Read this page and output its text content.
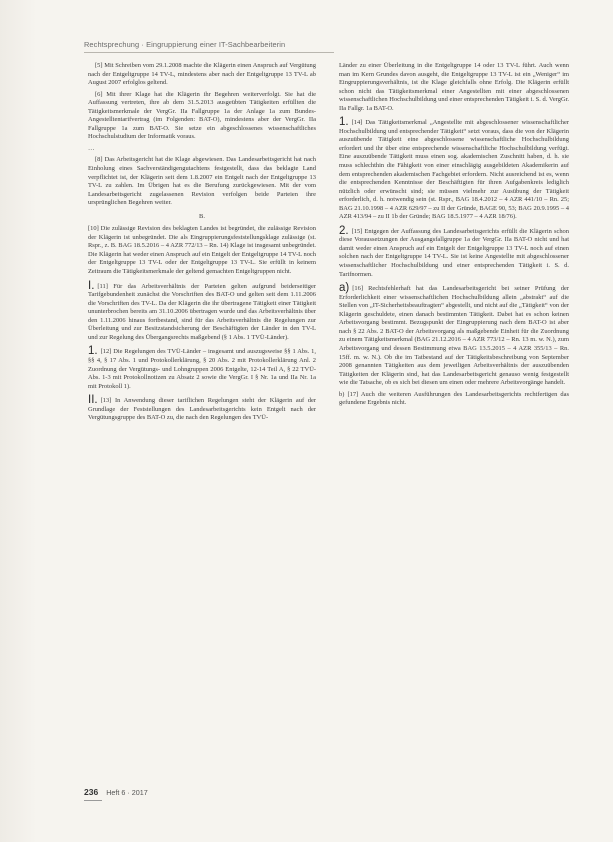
Rechtsprechung · Eingruppierung einer IT-Sachbearbeiterin

[5] Mit Schreiben vom 29.1.2008 machte die Klägerin einen Anspruch auf Vergütung nach der Entgeltgruppe 14 TV-L, mindestens aber nach der Entgeltgruppe 13 TV-L ab August 2007 erfolglos geltend.

[6] Mit ihrer Klage hat die Klägerin ihr Begehren weiterverfolgt. Sie hat die Auffassung vertreten, ihre ab dem 31.5.2013 ausgeübten Tätigkeiten erfüllten die Tätigkeitsmerkmale der VergGr. IIa Fallgruppe 1a der Anlage 1a zum Bundes-Angestelltentarifvertrag (im Folgenden: BAT-O), mindestens aber der VergGr. IIa Fallgruppe 1a zum BAT-O. Sie setze ein abgeschlossenes wissenschaftliches Hochschulstudium der Informatik voraus.

…

[8] Das Arbeitsgericht hat die Klage abgewiesen. Das Landesarbeitsgericht hat nach Einholung eines Sachverständigengutachtens festgestellt, dass das beklagte Land verpflichtet ist, der Klägerin seit dem 1.8.2007 ein Entgelt nach der Entgeltgruppe 13 TV-L zu zahlen. Im Übrigen hat es die Berufung zurückgewiesen. Mit der vom Landesarbeitsgericht zugelassenen Revision verfolgen beide Parteien ihre ursprünglichen Begehren weiter.

B.

[10] Die zulässige Revision des beklagten Landes ist begründet, die zulässige Revision der Klägerin ist unbegründet. Die als Eingruppierungsfeststellungsklage zulässige (st. Rspr., z. B. BAG 18.5.2016 – 4 AZR 772/13 – Rn. 14) Klage ist insgesamt unbegründet. Die Klägerin hat weder einen Anspruch auf ein Entgelt der Entgeltgruppe 14 TV-L noch der Entgeltgruppe 13 TV-L oder der Entgeltgruppe 13 TV-L. Sie erfüllt in keinem Zeitraum die Tätigkeitsmerkmale der geltend gemachten Entgeltgruppen nicht.

I. [11] Für das Arbeitsverhältnis der Parteien gelten aufgrund beiderseitiger Tarifgebundenheit zunächst die Vorschriften des BAT-O und gelten seit dem 1.11.2006 die Vorschriften des TV-L. Da der Klägerin die ihr übertragene Tätigkeit einer Tätigkeit ununterbrochen bereits am 31.10.2006 übertragen wurde und das Arbeitsverhältnis über den 1.11.2006 hinaus fortbestand, sind für das Arbeitsverhältnis die Regelungen zur Überleitung und zur Besitzstandsicherung der Beschäftigten der Länder in den TV-L und zur Regelung des Übergangsrechts maßgebend (§ 1 Abs. 1 TVÜ-Länder).

1. [12] Die Regelungen des TVÜ-Länder – insgesamt und auszugsweise §§ 1 Abs. 1, §§ 4, § 17 Abs. 1 und Protokollerklärung, § 20 Abs. 2 mit Protokollerklärung Anl. 2 Zuordnung der Vergütungs- und Lohngruppen 2006 Entgelte, 12-14 Teil A, § 22 TVÜ-Abs. 1-3 mit Protokollnotizen zu Absatz 2 sowie die VergGr. I § Nr. 1a und IIa Nr. 1a mit Protokoll 1).

II. [13] In Anwendung dieser tariflichen Regelungen steht der Klägerin auf der Grundlage der Feststellungen des Landesarbeitsgerichts kein Entgelt nach der Vergütungsgruppe des BAT-O zu, die nach den Regelungen des TVÜ-

Länder zu einer Überleitung in die Entgeltgruppe 14 oder 13 TV-L führt. Auch wenn man im Kern Grundes davon ausgeht, die Entgeltgruppe 13 TV-L ist ein „Weniger“ im Eingruppierungsverhältnis, ist die Klage gleichfalls ohne Erfolg. Die Klägerin erfüllt schon nicht das Tätigkeitsmerkmal einer Angestellten mit einer abgeschlossenen wissenschaftlichen Hochschulbildung und einer entsprechenden Tätigkeit i. S. d. VergGr. IIa Fallgr. 1a BAT-O.

1. [14] Das Tätigkeitsmerkmal „Angestellte mit abgeschlossener wissenschaftlicher Hochschulbildung und entsprechender Tätigkeit“ setzt voraus, dass die von der Klägerin auszuübende Tätigkeit eine abgeschlossene wissenschaftliche Hochschulbildung erfordert und ihr über eine entsprechende wissenschaftliche Hochschulbildung verfügt. Eine auszuübende Tätigkeit muss einen sog. akademischen Zuschnitt haben, d. h. sie muss schlechthin die Fähigkeit von einer einschlägig ausgebildeten Akademikerin auf dem entsprechenden akademischen Fachgebiet erfordern. Nicht ausreichend ist es, wenn die entsprechenden Kenntnisse der Beschäftigten für ihren Aufgabenkreis lediglich nützlich oder erwünscht sind; sie müssen vielmehr zur Ausübung der Tätigkeit erforderlich, d. h. notwendig sein (st. Rspr., BAG 18.4.2012 – 4 AZR 441/10 – Rn. 25; BAG 21.10.1998 – 4 AZR 629/97 – zu II der Gründe, BAGE 90, 53; BAG 20.9.1995 – 4 AZR 413/94 – zu II 1b der Gründe; BAG 18.5.1977 – 4 AZR 18/76).

2. [15] Entgegen der Auffassung des Landesarbeitsgerichts erfüllt die Klägerin schon diese Voraussetzungen der Ausgangsfallgruppe 1a der VergGr. IIa BAT-O nicht und hat damit weder einen Anspruch auf ein Entgelt der Entgeltgruppe 13 TV-L noch auf einen solchen nach der Entgeltgruppe 14 TV-L. Sie ist keine Angestellte mit abgeschlossener wissenschaftlicher Hochschulbildung und einer entsprechenden Tätigkeit i. S. d. Tarifnormen.

a) [16] Rechtsfehlerhaft hat das Landesarbeitsgericht bei seiner Prüfung der Erforderlichkeit einer wissenschaftlichen Hochschulbildung allein „abstrakt“ auf die Stellen von „IT-Sicherheitsbeauftragten“ abgestellt, und nicht auf die „Tätigkeit“ von der Klägerin geschuldete, einen danach bestimmten Tätigkeit. Dabei hat es schon keinen Arbeitsvorgang bestimmt. Bezugspunkt der Eingruppierung nach dem BAT-O ist aber nach § 22 Abs. 2 BAT-O der Arbeitsvorgang als maßgebende Einheit für die Zuordnung zu einem Tätigkeitsmerkmal (BAG 21.12.2016 – 4 AZR 773/12 – Rn. 13 m. w. N.), zum Arbeitsvorgang und dessen Bestimmung etwa BAG 13.5.2015 – 4 AZR 355/13 – Rn. 15ff. m. w. N.). Ob die im Tatbestand auf der Tätigkeitsbeschreibung von September 2008 genannten Tätigkeiten aus dem jeweiligen Arbeitsverhältnis der auszuübenden Tätigkeiten der Klägerin sind, hat das Landesarbeitsgericht genauso wenig festgestellt wie die Tatsache, ob es sich bei diesen um einen oder mehrere Arbeitsvorgänge handelt.

b) [17] Auch die weiteren Ausführungen des Landesarbeitsgerichts rechtfertigen das gefundene Ergebnis nicht.

236 Heft 6 · 2017
